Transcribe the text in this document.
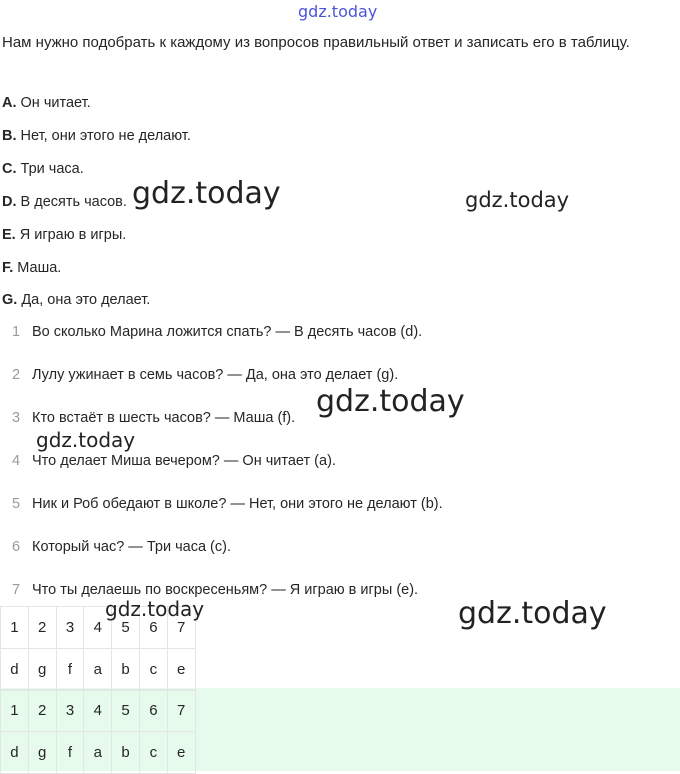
gdz.today
Нам нужно подобрать к каждому из вопросов правильный ответ и записать его в таблицу.
A. Он читает.
B. Нет, они этого не делают.
C. Три часа.
D. В десять часов.
E. Я играю в игры.
F. Маша.
G. Да, она это делает.
1 Во сколько Марина ложится спать? — В десять часов (d).
2 Лулу ужинает в семь часов? — Да, она это делает (g).
3 Кто встаёт в шесть часов? — Маша (f).
4 Что делает Миша вечером? — Он читает (a).
5 Ник и Роб обедают в школе? — Нет, они этого не делают (b).
6 Который час? — Три часа (c).
7 Что ты делаешь по воскресеньям? — Я играю в игры (e).
1	2	3	4	5	6	7
d	g	f	a	b	c	e
1	2	3	4	5	6	7
d	g	f	a	b	c	e
gdz.today	gdz.today
gdz.today
gdz.today
gdz.today	gdz.today
